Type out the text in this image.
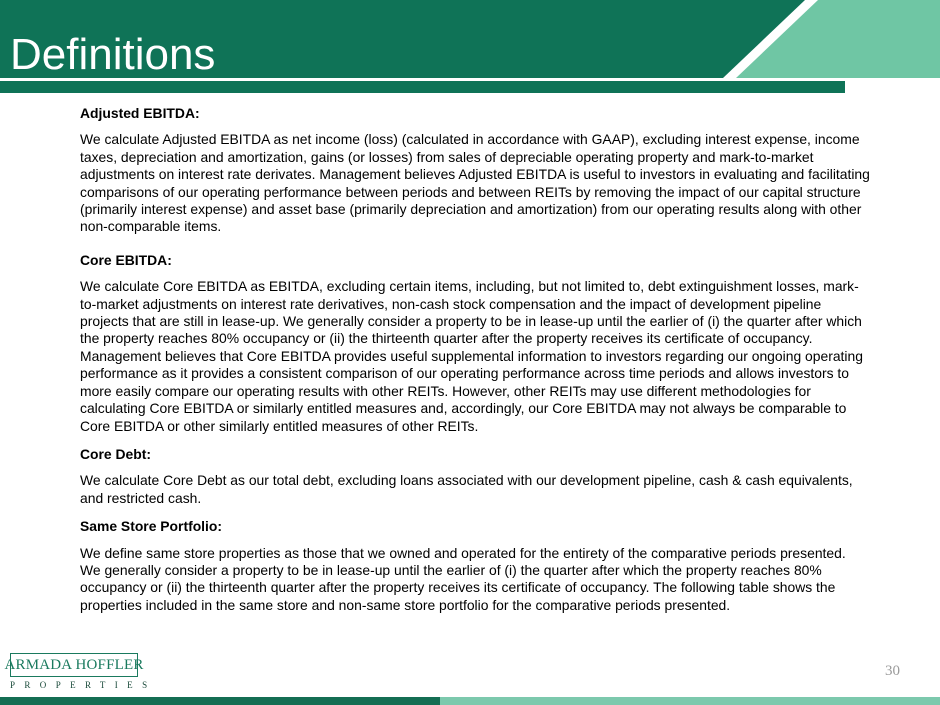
Definitions
Adjusted EBITDA:
We calculate Adjusted EBITDA as net income (loss) (calculated in accordance with GAAP), excluding interest expense, income taxes, depreciation and amortization, gains (or losses) from sales of depreciable operating property and mark-to-market adjustments on interest rate derivates. Management believes Adjusted EBITDA is useful to investors in evaluating and facilitating comparisons of our operating performance between periods and between REITs by removing the impact of our capital structure (primarily interest expense) and asset base (primarily depreciation and amortization) from our operating results along with other non-comparable items.
Core EBITDA:
We calculate Core EBITDA as EBITDA, excluding certain items, including, but not limited to, debt extinguishment losses, mark-to-market adjustments on interest rate derivatives, non-cash stock compensation and the impact of development pipeline projects that are still in lease-up. We generally consider a property to be in lease-up until the earlier of (i) the quarter after which the property reaches 80% occupancy or (ii) the thirteenth quarter after the property receives its certificate of occupancy. Management believes that Core EBITDA provides useful supplemental information to investors regarding our ongoing operating performance as it provides a consistent comparison of our operating performance across time periods and allows investors to more easily compare our operating results with other REITs. However, other REITs may use different methodologies for calculating Core EBITDA or similarly entitled measures and, accordingly, our Core EBITDA may not always be comparable to Core EBITDA or other similarly entitled measures of other REITs.
Core Debt:
We calculate Core Debt as our total debt, excluding loans associated with our development pipeline, cash & cash equivalents, and restricted cash.
Same Store Portfolio:
We define same store properties as those that we owned and operated for the entirety of the comparative periods presented. We generally consider a property to be in lease-up until the earlier of (i) the quarter after which the property reaches 80% occupancy or (ii) the thirteenth quarter after the property receives its certificate of occupancy. The following table shows the properties included in the same store and non-same store portfolio for the comparative periods presented.
ARMADA HOFFLER
PROPERTIES
30
